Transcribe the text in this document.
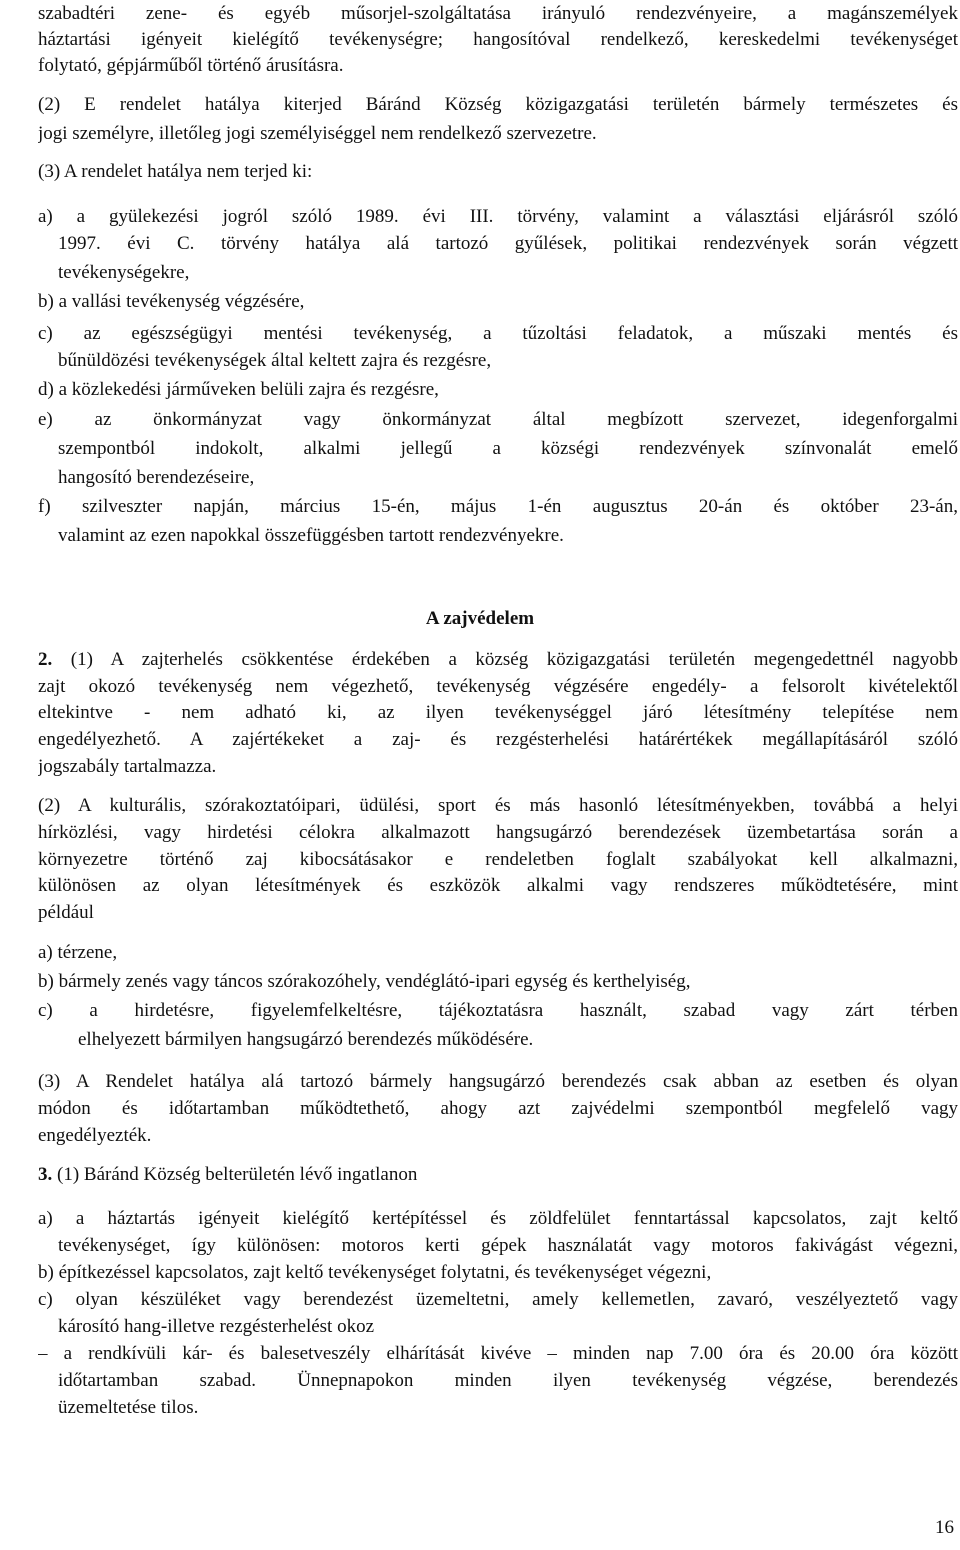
szabadtéri zene- és egyéb műsorjel-szolgáltatása irányuló rendezvényeire, a magánszemélyek
háztartási igényeit kielégítő tevékenységre; hangosítóval rendelkező, kereskedelmi tevékenységet
folytató, gépjárműből történő árusításra.
(2) E rendelet hatálya kiterjed Báránd Község közigazgatási területén bármely természetes és
jogi személyre, illetőleg jogi személyiséggel nem rendelkező szervezetre.
(3) A rendelet hatálya nem terjed ki:
a) a gyülekezési jogról szóló 1989. évi III. törvény, valamint a választási eljárásról szóló
1997. évi C. törvény hatálya alá tartozó gyűlések, politikai rendezvények során végzett
tevékenységekre,
b) a vallási tevékenység végzésére,
c) az egészségügyi mentési tevékenység, a tűzoltási feladatok, a műszaki mentés és
bűnüldözési tevékenységek által keltett zajra és rezgésre,
d) a közlekedési járműveken belüli zajra és rezgésre,
e) az önkormányzat vagy önkormányzat által megbízott szervezet, idegenforgalmi
szempontból indokolt, alkalmi jellegű a községi rendezvények színvonalát emelő
hangosító berendezéseire,
f) szilveszter napján, március 15-én, május 1-én augusztus 20-án és október 23-án,
valamint az ezen napokkal összefüggésben tartott rendezvényekre.
A zajvédelem
2. (1) A zajterhelés csökkentése érdekében a község közigazgatási területén megengedettnél nagyobb
zajt okozó tevékenység nem végezhető, tevékenység végzésére engedély- a felsorolt kivételektől
eltekintve - nem adható ki, az ilyen tevékenységgel járó létesítmény telepítése nem
engedélyezhető. A zajértékeket a zaj- és rezgésterhelési határértékek megállapításáról szóló
jogszabály tartalmazza.
(2) A kulturális, szórakoztatóipari, üdülési, sport és más hasonló létesítményekben, továbbá a helyi
hírközlési, vagy hirdetési célokra alkalmazott hangsugárzó berendezések üzembetartása során a
környezetre történő zaj kibocsátásakor e rendeletben foglalt szabályokat kell alkalmazni,
különösen az olyan létesítmények és eszközök alkalmi vagy rendszeres működtetésére, mint
például
a) térzene,
b) bármely zenés vagy táncos szórakozóhely, vendéglátó-ipari egység és kerthelyiség,
c) a hirdetésre, figyelemfelkeltésre, tájékoztatásra használt, szabad vagy zárt térben
elhelyezett bármilyen hangsugárzó berendezés működésére.
(3) A Rendelet hatálya alá tartozó bármely hangsugárzó berendezés csak abban az esetben és olyan
módon és időtartamban működtethető, ahogy azt zajvédelmi szempontból megfelelő vagy
engedélyezték.
3. (1) Báránd Község belterületén lévő ingatlanon
a) a háztartás igényeit kielégítő kertépítéssel és zöldfelület fenntartással kapcsolatos, zajt keltő
tevékenységet, így különösen: motoros kerti gépek használatát vagy motoros fakivágást végezni,
b) építkezéssel kapcsolatos, zajt keltő tevékenységet folytatni, és tevékenységet végezni,
c) olyan készüléket vagy berendezést üzemeltetni, amely kellemetlen, zavaró, veszélyeztető vagy
károsító hang-illetve rezgésterhelést okoz
– a rendkívüli kár- és balesetveszély elhárítását kivéve – minden nap 7.00 óra és 20.00 óra között
időtartamban szabad. Ünnepnapokon minden ilyen tevékenység végzése, berendezés
üzemeltetése tilos.
16
